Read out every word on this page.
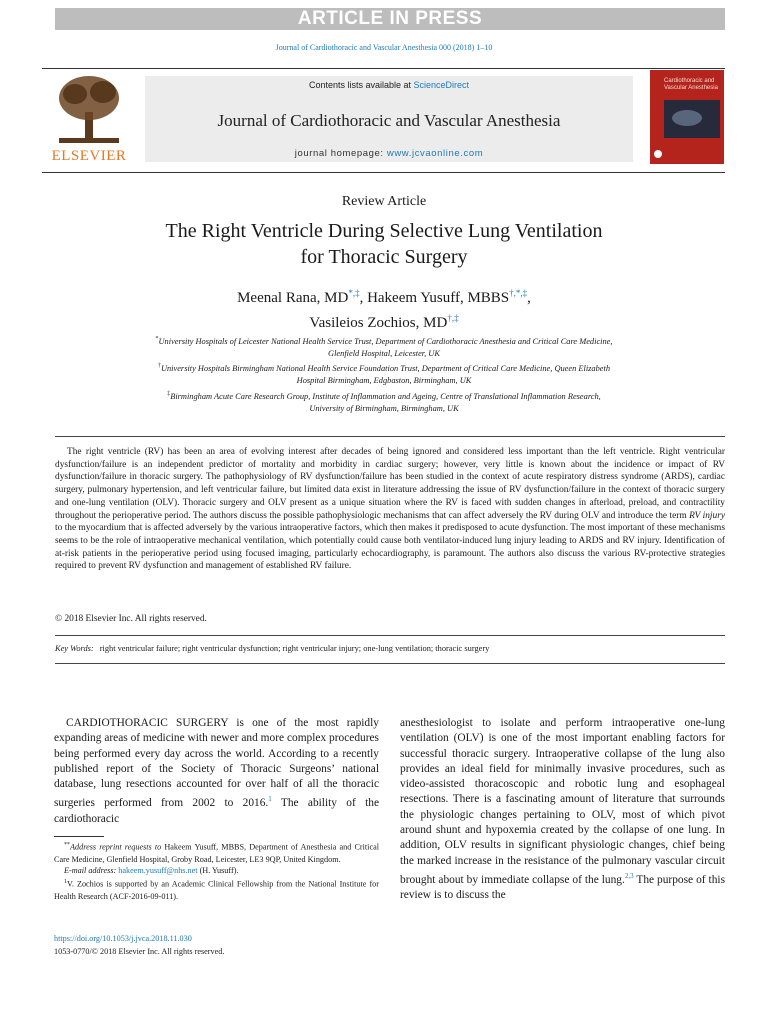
ARTICLE IN PRESS
Journal of Cardiothoracic and Vascular Anesthesia 000 (2018) 1–10
ELSEVIER
Contents lists available at ScienceDirect
Journal of Cardiothoracic and Vascular Anesthesia
journal homepage: www.jcvaonline.com
Cardiothoracic and Vascular Anesthesia
Review Article
The Right Ventricle During Selective Lung Ventilation
for Thoracic Surgery
Meenal Rana, MD*,‡, Hakeem Yusuff, MBBS†,*,‡,
Vasileios Zochios, MD†,‡
*University Hospitals of Leicester National Health Service Trust, Department of Cardiothoracic Anesthesia and Critical Care Medicine, Glenfield Hospital, Leicester, UK
†University Hospitals Birmingham National Health Service Foundation Trust, Department of Critical Care Medicine, Queen Elizabeth Hospital Birmingham, Edgbaston, Birmingham, UK
‡Birmingham Acute Care Research Group, Institute of Inflammation and Ageing, Centre of Translational Inflammation Research, University of Birmingham, Birmingham, UK

The right ventricle (RV) has been an area of evolving interest after decades of being ignored and considered less important than the left ventricle. Right ventricular dysfunction/failure is an independent predictor of mortality and morbidity in cardiac surgery; however, very little is known about the incidence or impact of RV dysfunction/failure in thoracic surgery. The pathophysiology of RV dysfunction/failure has been studied in the context of acute respiratory distress syndrome (ARDS), cardiac surgery, pulmonary hypertension, and left ventricular failure, but limited data exist in literature addressing the issue of RV dysfunction/failure in the context of thoracic surgery and one-lung ventilation (OLV). Thoracic surgery and OLV present as a unique situation where the RV is faced with sudden changes in afterload, preload, and contractility throughout the perioperative period. The authors discuss the possible pathophysiologic mechanisms that can affect adversely the RV during OLV and introduce the term RV injury to the myocardium that is affected adversely by the various intraoperative factors, which then makes it predisposed to acute dysfunction. The most important of these mechanisms seems to be the role of intraoperative mechanical ventilation, which potentially could cause both ventilator-induced lung injury leading to ARDS and RV injury. Identification of at-risk patients in the perioperative period using focused imaging, particularly echocardiography, is paramount. The authors also discuss the various RV-protective strategies required to prevent RV dysfunction and management of established RV failure.

© 2018 Elsevier Inc. All rights reserved.
Key Words: right ventricular failure; right ventricular dysfunction; right ventricular injury; one-lung ventilation; thoracic surgery

CARDIOTHORACIC SURGERY is one of the most rapidly expanding areas of medicine with newer and more complex procedures being performed every day across the world. According to a recently published report of the Society of Thoracic Surgeons’ national database, lung resections accounted for over half of all the thoracic surgeries performed from 2002 to 2016.$^1$ The ability of the cardiothoracic

anesthesiologist to isolate and perform intraoperative one-lung ventilation (OLV) is one of the most important enabling factors for successful thoracic surgery. Intraoperative collapse of the lung also provides an ideal field for minimally invasive procedures, such as video-assisted thoracoscopic and robotic lung and esophageal resections. There is a fascinating amount of literature that surrounds the physiologic changes pertaining to OLV, most of which pivot around shunt and hypoxemia created by the collapse of one lung. In addition, OLV results in significant physiologic changes, chief being the marked increase in the resistance of the pulmonary vascular circuit brought about by immediate collapse of the lung.$^{2,3}$ The purpose of this review is to discuss the

**Address reprint requests to Hakeem Yusuff, MBBS, Department of Anesthesia and Critical Care Medicine, Glenfield Hospital, Groby Road, Leicester, LE3 9QP, United Kingdom.

E-mail address: hakeem.yusuff@nhs.net (H. Yusuff).

$^1$V. Zochios is supported by an Academic Clinical Fellowship from the National Institute for Health Research (ACF-2016-09-011).

https://doi.org/10.1053/j.jvca.2018.11.030
1053-0770/© 2018 Elsevier Inc. All rights reserved.
